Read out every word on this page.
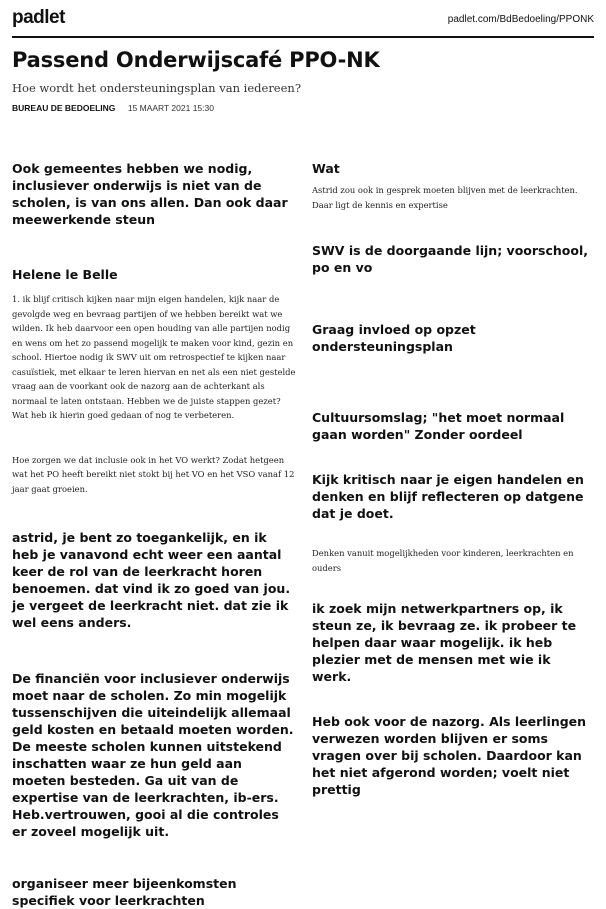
padlet	padlet.com/BdBedoeling/PPONK
Passend Onderwijscafé PPO-NK
Hoe wordt het ondersteuningsplan van iedereen?
BUREAU DE BEDOELING 15 MAART 2021 15:30

Ook gemeentes hebben we nodig, inclusiever onderwijs is niet van de scholen, is van ons allen. Dan ook daar meewerkende steun

Helene le Belle

1. ik blijf critisch kijken naar mijn eigen handelen, kijk naar de gevolgde weg en bevraag partijen of we hebben bereikt wat we wilden. Ik heb daarvoor een open houding van alle partijen nodig en wens om het zo passend mogelijk te maken voor kind, gezin en school. Hiertoe nodig ik SWV uit om retrospectief te kijken naar casuïstiek, met elkaar te leren hiervan en net als een niet gestelde vraag aan de voorkant ook de nazorg aan de achterkant als normaal te laten ontstaan. Hebben we de juiste stappen gezet? Wat heb ik hierin goed gedaan of nog te verbeteren.

Hoe zorgen we dat inclusie ook in het VO werkt? Zodat hetgeen wat het PO heeft bereikt niet stokt bij het VO en het VSO vanaf 12 jaar gaat groeien.

astrid, je bent zo toegankelijk, en ik heb je vanavond echt weer een aantal keer de rol van de leerkracht horen benoemen. dat vind ik zo goed van jou. je vergeet de leerkracht niet. dat zie ik wel eens anders.

De financiën voor inclusiever onderwijs moet naar de scholen. Zo min mogelijk tussenschijven die uiteindelijk allemaal geld kosten en betaald moeten worden. De meeste scholen kunnen uitstekend inschatten waar ze hun geld aan moeten besteden. Ga uit van de expertise van de leerkrachten, ib-ers. Heb.vertrouwen, gooi al die controles er zoveel mogelijk uit.

organiseer meer bijeenkomsten specifiek voor leerkrachten

Wat

Astrid zou ook in gesprek moeten blijven met de leerkrachten. Daar ligt de kennis en expertise

SWV is de doorgaande lijn; voorschool, po en vo

Graag invloed op opzet ondersteuningsplan

Cultuursomslag; "het moet normaal gaan worden" Zonder oordeel

Kijk kritisch naar je eigen handelen en denken en blijf reflecteren op datgene dat je doet.

Denken vanuit mogelijkheden voor kinderen, leerkrachten en ouders

ik zoek mijn netwerkpartners op, ik steun ze, ik bevraag ze. ik probeer te helpen daar waar mogelijk. ik heb plezier met de mensen met wie ik werk.

Heb ook voor de nazorg. Als leerlingen verwezen worden blijven er soms vragen over bij scholen. Daardoor kan het niet afgerond worden; voelt niet prettig
